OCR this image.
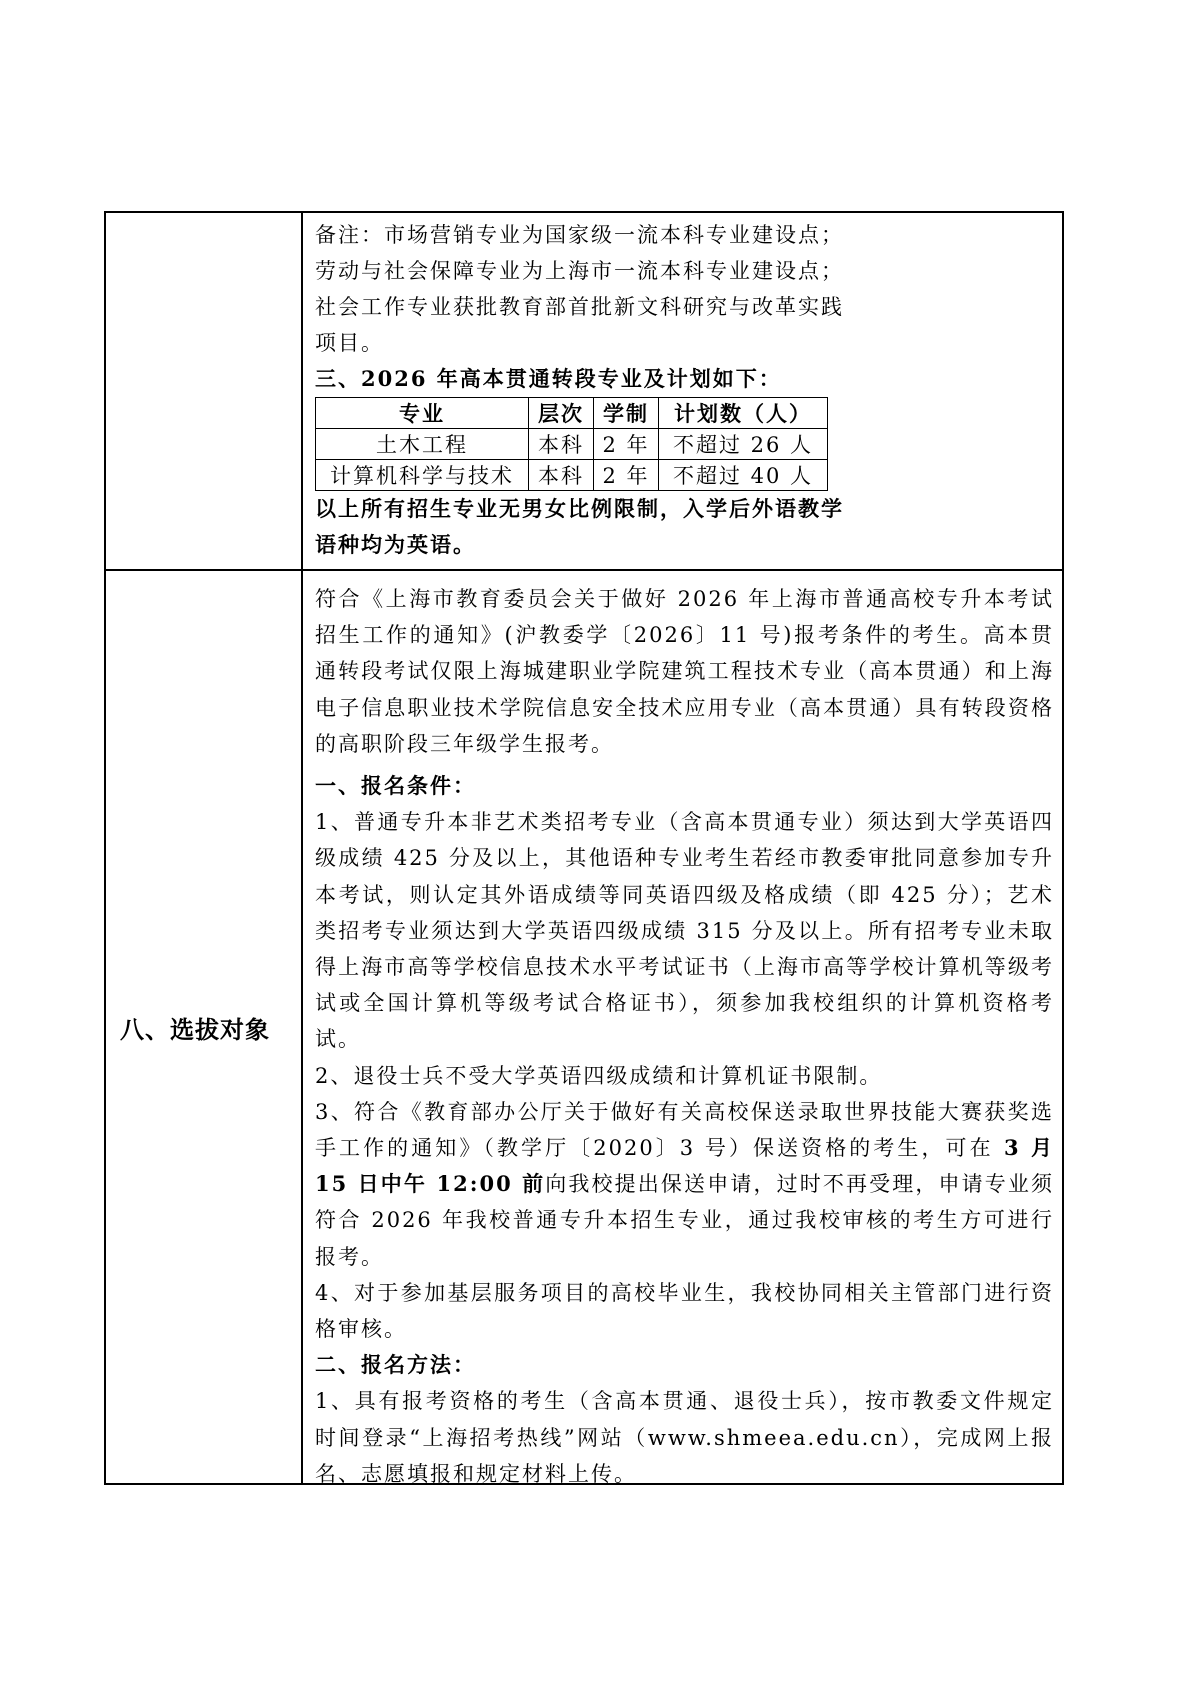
备注：市场营销专业为国家级一流本科专业建设点；
劳动与社会保障专业为上海市一流本科专业建设点；
社会工作专业获批教育部首批新文科研究与改革实践
项目。
三、2026 年高本贯通转段专业及计划如下：
专业	层次	学制	计划数（人）
土木工程	本科	2 年	不超过 26 人
计算机科学与技术	本科	2 年	不超过 40 人
以上所有招生专业无男女比例限制，入学后外语教学
语种均为英语。

八、选拔对象

符合《上海市教育委员会关于做好 2026 年上海市普通高校专升本考试招生工作的通知》(沪教委学〔2026〕11 号)报考条件的考生。高本贯通转段考试仅限上海城建职业学院建筑工程技术专业（高本贯通）和上海电子信息职业技术学院信息安全技术应用专业（高本贯通）具有转段资格的高职阶段三年级学生报考。

一、报名条件：

1、普通专升本非艺术类招考专业（含高本贯通专业）须达到大学英语四级成绩 425 分及以上，其他语种专业考生若经市教委审批同意参加专升本考试，则认定其外语成绩等同英语四级及格成绩（即 425 分）；艺术类招考专业须达到大学英语四级成绩 315 分及以上。所有招考专业未取得上海市高等学校信息技术水平考试证书（上海市高等学校计算机等级考试或全国计算机等级考试合格证书），须参加我校组织的计算机资格考试。

2、退役士兵不受大学英语四级成绩和计算机证书限制。

3、符合《教育部办公厅关于做好有关高校保送录取世界技能大赛获奖选手工作的通知》（教学厅〔2020〕3 号）保送资格的考生，可在 3 月 15 日中午 12:00 前向我校提出保送申请，过时不再受理，申请专业须符合 2026 年我校普通专升本招生专业，通过我校审核的考生方可进行报考。

4、对于参加基层服务项目的高校毕业生，我校协同相关主管部门进行资格审核。

二、报名方法：

1、具有报考资格的考生（含高本贯通、退役士兵），按市教委文件规定时间登录“上海招考热线”网站（www.shmeea.edu.cn），完成网上报名、志愿填报和规定材料上传。
